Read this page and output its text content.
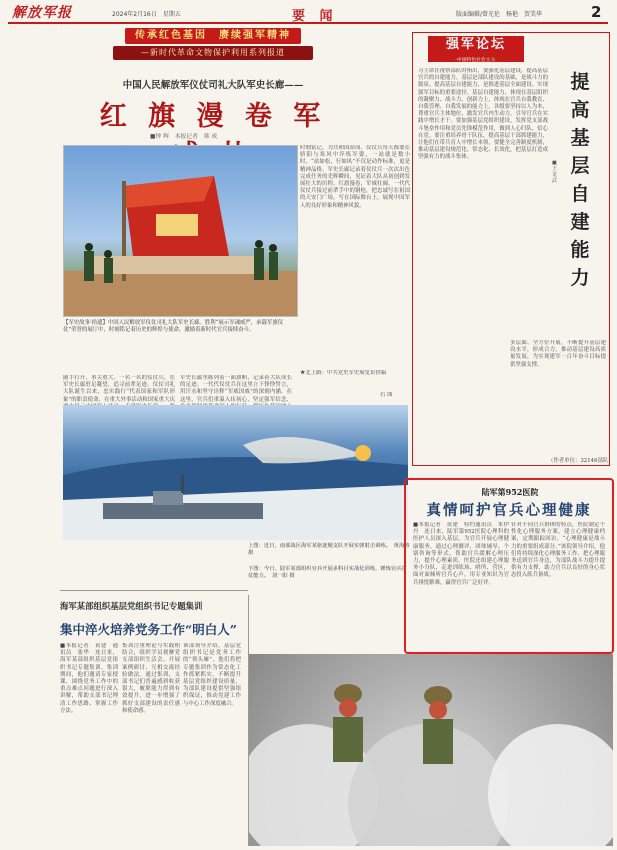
解放军报	2024年2月16日　星期五	要 闻	版面编辑/曾光伦　杨艳　贺美华	2
传承红色基因　赓续强军精神
—新时代革命文物保护利用系列报道
中国人民解放军仪仗司礼大队军史长廊——
红 旗 漫 卷 军
■钟 辉　本报记者　韩 成
【军史故事·拾遗】中国人民解放军仪仗司礼大队军史长廊。胜利“展示军魂威严，承载军旗仪仗”荣誉的展厅中，时刻铭记着历史的辉煌与使命，激励着新时代官兵接续奋斗。
随手打开，事关重大。一名一名的仪仗兵，在军史长廊驻足凝望，追寻前辈足迹。仪仗司礼大队诞生以来，忠实践行“代表国家和军队形象”的职责使命，在重大外事活动和国家重大庆
军史长廊里陈列着一面旗帜，记录着大队成长的足迹。一代代仪仗兵在这里立下铮铮誓言，用汗水和坚守诠释“军威国威”的深刻内涵。在这里，官兵们重温入伍初心，坚定强军信念，
时刻铭记，为共和国站岗。仪仗兵每天都要在骄阳与寒风中淬炼军姿，一站就是数小时。“站如松、行如风”不仅是动作标准，更是精神品格。军史长廊记录着仪仗兵一次次出色完成任务的光辉瞬间，见证着大队从初创到发展壮大的历程。红旗漫卷，军威壮阔，一代代仪仗兵接过前辈手中的钢枪，把忠诚写在祖国的天安门广场，写在国际舞台上，展现中国军人的良好形象和精神风貌。
★北上路：中共党史军史展览馆供稿
右 图
强军论坛
·中国特色社会主义·
提 高 基 层 自 建 能 力
■王 龙 武
习主席在视察部队时指出，要强化基层建设，提高基层官兵的自建能力。基层是部队建设的基础，是战斗力的源泉。提高基层自建能力，是推进基层全面建设、实现强军目标的重要途径。基层自建能力，体现在基层组织的凝聚力、战斗力、创新力上，体现在官兵自我教育、自我管理、自我发展的能力上。各级要坚持以人为本，尊重官兵主体地位，激发官兵内生动力，引导官兵在实践中增长才干。要加强基层党组织建设，发挥党支部战斗堡垒作用和党员先锋模范作用，做到人心归队、信心在党。要注重培养骨干队伍，提高基层干部抓建能力，让他们在带兵育人中增长本领。要健全完善制度机制，推动基层建设规范化、常态化、长效化，把基层打造成坚强有力的战斗集体。
多层面、全方位开展，不断提升基层建设水平，形成合力，推动基层建设高质量发展，为实现建军一百年奋斗目标提供坚强支撑。
（作者单位：32146部队）
上图：近日，南部战区海军某驱逐舰支队开展实弹射击训练。　黄海涛 摄
下图：今日，陆军某部组织官兵开展多科目实战化训练，锤炼官兵打仗能力。　刘一阳 摄
陆军第952医院
真情呵护官兵心理健康
■本报记者　黄建　特约通讯员　朱伊丹　连日来，陆军第952医院心理科的医护人员深入基层，为官兵开展心理健康服务，通过心理测评、团体辅导、个别咨询等形式，帮助官兵缓解心理压力，提升心理素质。医院还组建心理服务小分队，走进训练场、哨所、营区，面对面倾听官兵心声，用专业知识为官兵排忧解难，赢得官兵广泛好评。
针对不同官兵群体的特点，医院制定个性化心理服务方案，建立心理健康档案，定期跟踪回访。“心理健康是战斗力的重要组成部分。”该院领导介绍，他们将持续深化心理服务工作，把心理服务送到官兵身边，为部队战斗力提升提供有力支撑，助力官兵以良好的身心状态投入练兵备战。
海军某部组织基层党组织书记专题集训
集中淬火培养党务工作“明白人”
■本报记者　黄建　通讯员　张华　连日来，海军某部组织基层党组织书记专题集训。集训期间，他们邀请专家授课，围绕党务工作中的重点难点问题进行深入讲解，帮助支部书记理清工作思路、掌握工作方法。
集训注重理论与实践相结合，组织学员观摩党支部组织生活会、开展案例研讨，互相交流经验做法。通过集训，支部书记们普遍感到收获很大，履职能力得到有效提升，进一步增强了抓好支部建设的责任感和使命感。
该部领导介绍，基层党组织书记是党务工作的“领头雁”，他们将把专题集训作为常态化工作抓紧抓实，不断提升基层党组织建设质量，为部队建设提供坚强组织保证，推动党建工作与中心工作深度融合。
